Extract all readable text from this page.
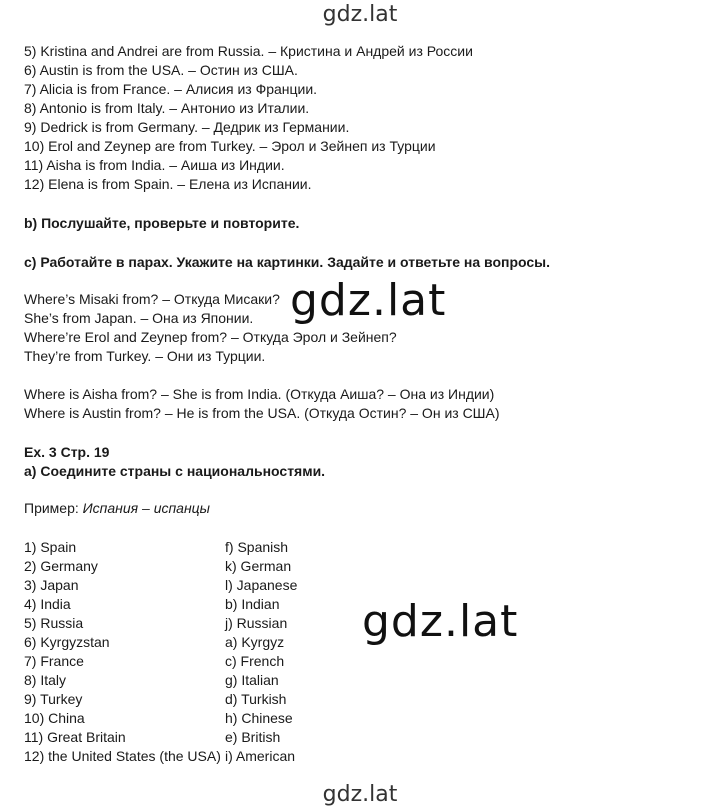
gdz.lat
5) Kristina and Andrei are from Russia. – Кристина и Андрей из России
6) Austin is from the USA. – Остин из США.
7) Alicia is from France. – Алисия из Франции.
8) Antonio is from Italy. – Антонио из Италии.
9) Dedrick is from Germany. – Дедрик из Германии.
10) Erol and Zeynep are from Turkey. – Эрол и Зейнеп из Турции
11) Aisha is from India. – Аиша из Индии.
12) Elena is from Spain. – Елена из Испании.
b) Послушайте, проверьте и повторите.
c) Работайте в парах. Укажите на картинки. Задайте и ответьте на вопросы.
Where’s Misaki from? – Откуда Мисаки?
She’s from Japan. – Она из Японии.
Where’re Erol and Zeynep from? – Откуда Эрол и Зейнеп?
They’re from Turkey. – Они из Турции.
Where is Aisha from? – She is from India. (Откуда Аиша? – Она из Индии)
Where is Austin from? – He is from the USA. (Откуда Остин? – Он из США)
Ex. 3 Стр. 19
a) Соедините страны с национальностями.
Пример: Испания – испанцы
1) Spain
2) Germany
3) Japan
4) India
5) Russia
6) Kyrgyzstan
7) France
8) Italy
9) Turkey
10) China
11) Great Britain
12) the United States (the USA)
f) Spanish
k) German
l) Japanese
b) Indian
j) Russian
a) Kyrgyz
c) French
g) Italian
d) Turkish
h) Chinese
e) British
i) American
gdz.lat
gdz.lat
gdz.lat
